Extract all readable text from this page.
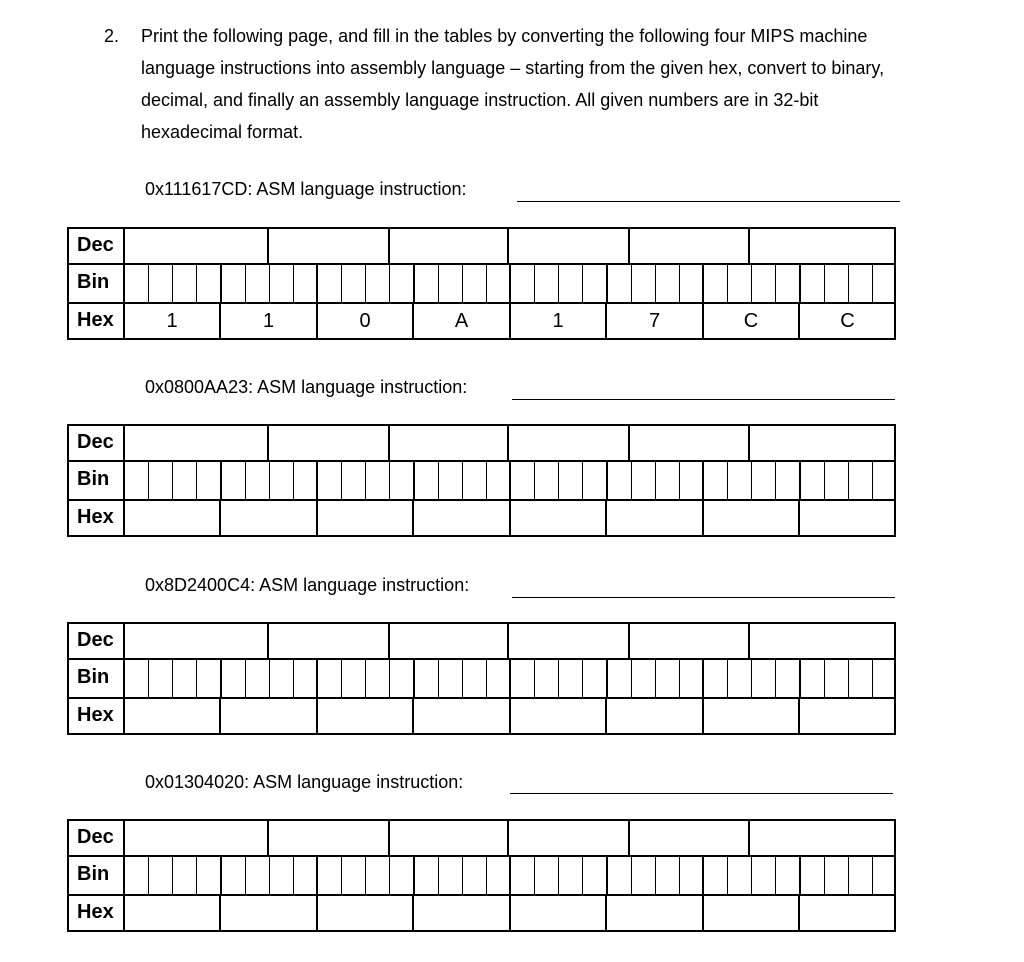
2. Print the following page, and fill in the tables by converting the following four MIPS machine

language instructions into assembly language – starting from the given hex, convert to binary,

decimal, and finally an assembly language instruction. All given numbers are in 32-bit

hexadecimal format.

0x111617CD: ASM language instruction:
Dec
Bin
Hex	1	1	0	A	1	7	C	C
0x0800AA23: ASM language instruction:
Dec
Bin
Hex
0x8D2400C4: ASM language instruction:
Dec
Bin
Hex
0x01304020: ASM language instruction:
Dec
Bin
Hex
